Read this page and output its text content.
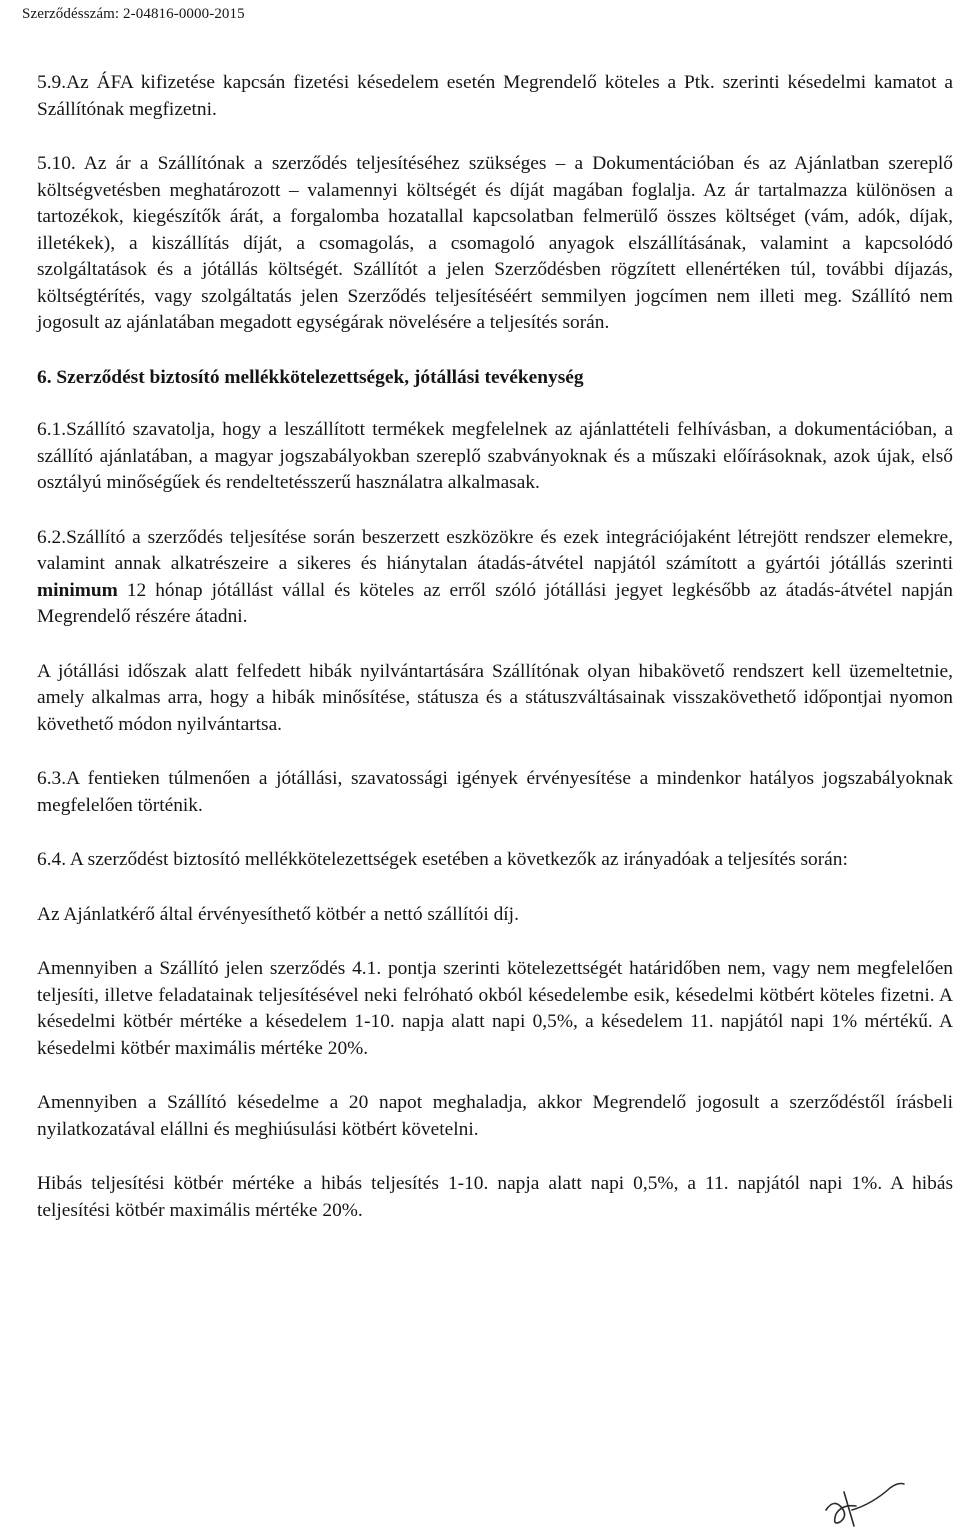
Szerződésszám: 2-04816-0000-2015

5.9.Az ÁFA kifizetése kapcsán fizetési késedelem esetén Megrendelő köteles a Ptk. szerinti késedelmi kamatot a Szállítónak megfizetni.

5.10. Az ár a Szállítónak a szerződés teljesítéséhez szükséges – a Dokumentációban és az Ajánlatban szereplő költségvetésben meghatározott – valamennyi költségét és díját magában foglalja. Az ár tartalmazza különösen a tartozékok, kiegészítők árát, a forgalomba hozatallal kapcsolatban felmerülő összes költséget (vám, adók, díjak, illetékek), a kiszállítás díját, a csomagolás, a csomagoló anyagok elszállításának, valamint a kapcsolódó szolgáltatások és a jótállás költségét. Szállítót a jelen Szerződésben rögzített ellenértéken túl, további díjazás, költségtérítés, vagy szolgáltatás jelen Szerződés teljesítéséért semmilyen jogcímen nem illeti meg. Szállító nem jogosult az ajánlatában megadott egységárak növelésére a teljesítés során.

6. Szerződést biztosító mellékkötelezettségek, jótállási tevékenység

6.1.Szállító szavatolja, hogy a leszállított termékek megfelelnek az ajánlattételi felhívásban, a dokumentációban, a szállító ajánlatában, a magyar jogszabályokban szereplő szabványoknak és a műszaki előírásoknak, azok újak, első osztályú minőségűek és rendeltetésszerű használatra alkalmasak.

6.2.Szállító a szerződés teljesítése során beszerzett eszközökre és ezek integrációjaként létrejött rendszer elemekre, valamint annak alkatrészeire a sikeres és hiánytalan átadás-átvétel napjától számított a gyártói jótállás szerinti minimum 12 hónap jótállást vállal és köteles az erről szóló jótállási jegyet legkésőbb az átadás-átvétel napján Megrendelő részére átadni.

A jótállási időszak alatt felfedett hibák nyilvántartására Szállítónak olyan hibakövető rendszert kell üzemeltetnie, amely alkalmas arra, hogy a hibák minősítése, státusza és a státuszváltásainak visszakövethető időpontjai nyomon követhető módon nyilvántartsa.

6.3.A fentieken túlmenően a jótállási, szavatossági igények érvényesítése a mindenkor hatályos jogszabályoknak megfelelően történik.

6.4. A szerződést biztosító mellékkötelezettségek esetében a következők az irányadóak a teljesítés során:

Az Ajánlatkérő által érvényesíthető kötbér a nettó szállítói díj.

Amennyiben a Szállító jelen szerződés 4.1. pontja szerinti kötelezettségét határidőben nem, vagy nem megfelelően teljesíti, illetve feladatainak teljesítésével neki felróható okból késedelembe esik, késedelmi kötbért köteles fizetni. A késedelmi kötbér mértéke a késedelem 1-10. napja alatt napi 0,5%, a késedelem 11. napjától napi 1% mértékű. A késedelmi kötbér maximális mértéke 20%.

Amennyiben a Szállító késedelme a 20 napot meghaladja, akkor Megrendelő jogosult a szerződéstől írásbeli nyilatkozatával elállni és meghiúsulási kötbért követelni.

Hibás teljesítési kötbér mértéke a hibás teljesítés 1-10. napja alatt napi 0,5%, a 11. napjától napi 1%. A hibás teljesítési kötbér maximális mértéke 20%.
